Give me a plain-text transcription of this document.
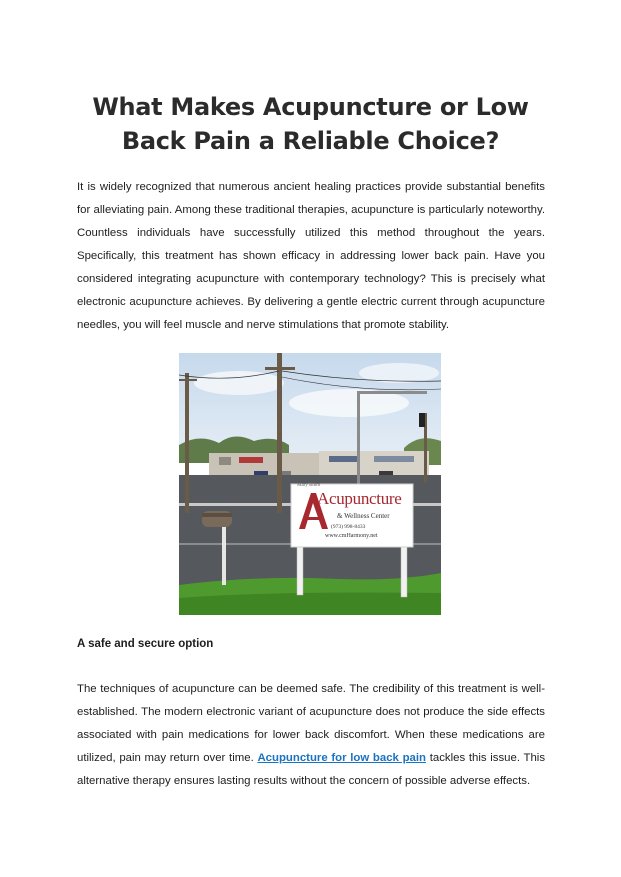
What Makes Acupuncture or Low Back Pain a Reliable Choice?

It is widely recognized that numerous ancient healing practices provide substantial benefits for alleviating pain. Among these traditional therapies, acupuncture is particularly noteworthy. Countless individuals have successfully utilized this method throughout the years. Specifically, this treatment has shown efficacy in addressing lower back pain. Have you considered integrating acupuncture with contemporary technology? This is precisely what electronic acupuncture achieves. By delivering a gentle electric current through acupuncture needles, you will feel muscle and nerve stimulations that promote stability.

Mary Bhim
Acupuncture
& Wellness Center
(973) 998-8433
www.cmHarmony.net
A safe and secure option

The techniques of acupuncture can be deemed safe. The credibility of this treatment is well-established. The modern electronic variant of acupuncture does not produce the side effects associated with pain medications for lower back discomfort. When these medications are utilized, pain may return over time. Acupuncture for low back pain tackles this issue. This alternative therapy ensures lasting results without the concern of possible adverse effects.
